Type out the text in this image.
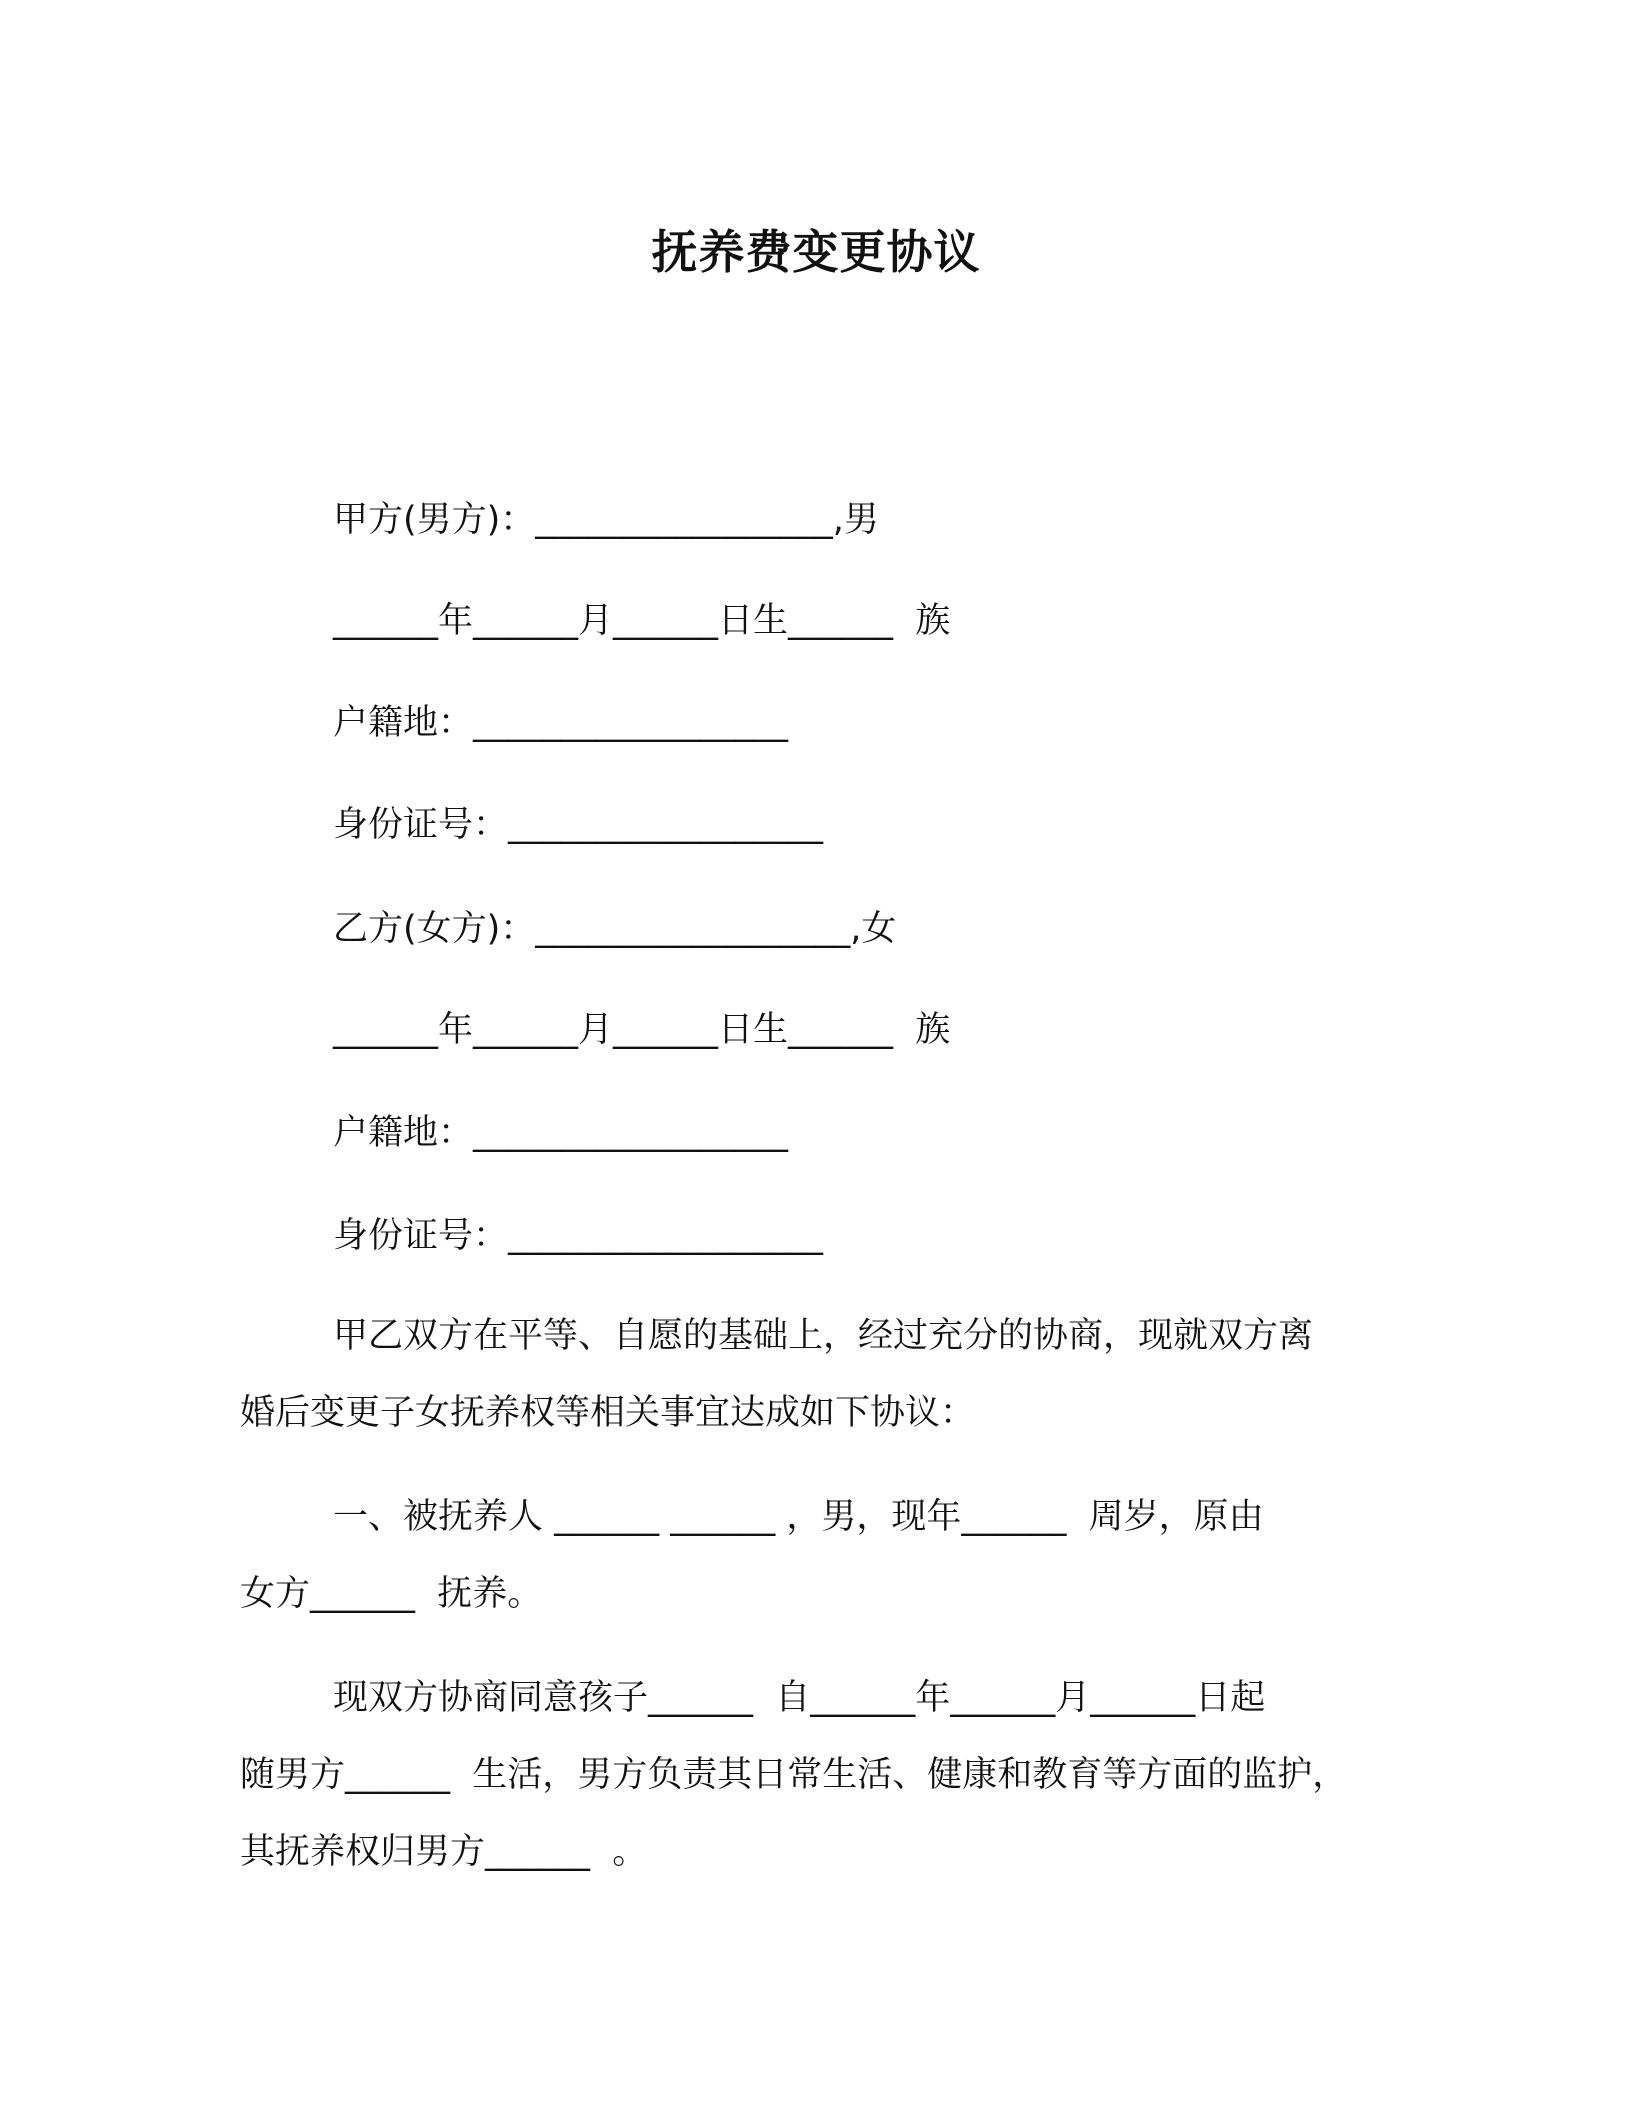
抚养费变更协议
甲方(男方)：_________________,男
______年______月______日生______  族
户籍地：__________________
身份证号：__________________
乙方(女方)：__________________,女
______年______月______日生______  族
户籍地：__________________
身份证号：__________________
甲乙双方在平等、自愿的基础上，经过充分的协商，现就双方离
婚后变更子女抚养权等相关事宜达成如下协议：
一、被抚养人 ______ ______ ，男，现年______  周岁，原由
女方______  抚养。
现双方协商同意孩子______  自______年______月______日起
随男方______  生活，男方负责其日常生活、健康和教育等方面的监护，
其抚养权归男方______  。
